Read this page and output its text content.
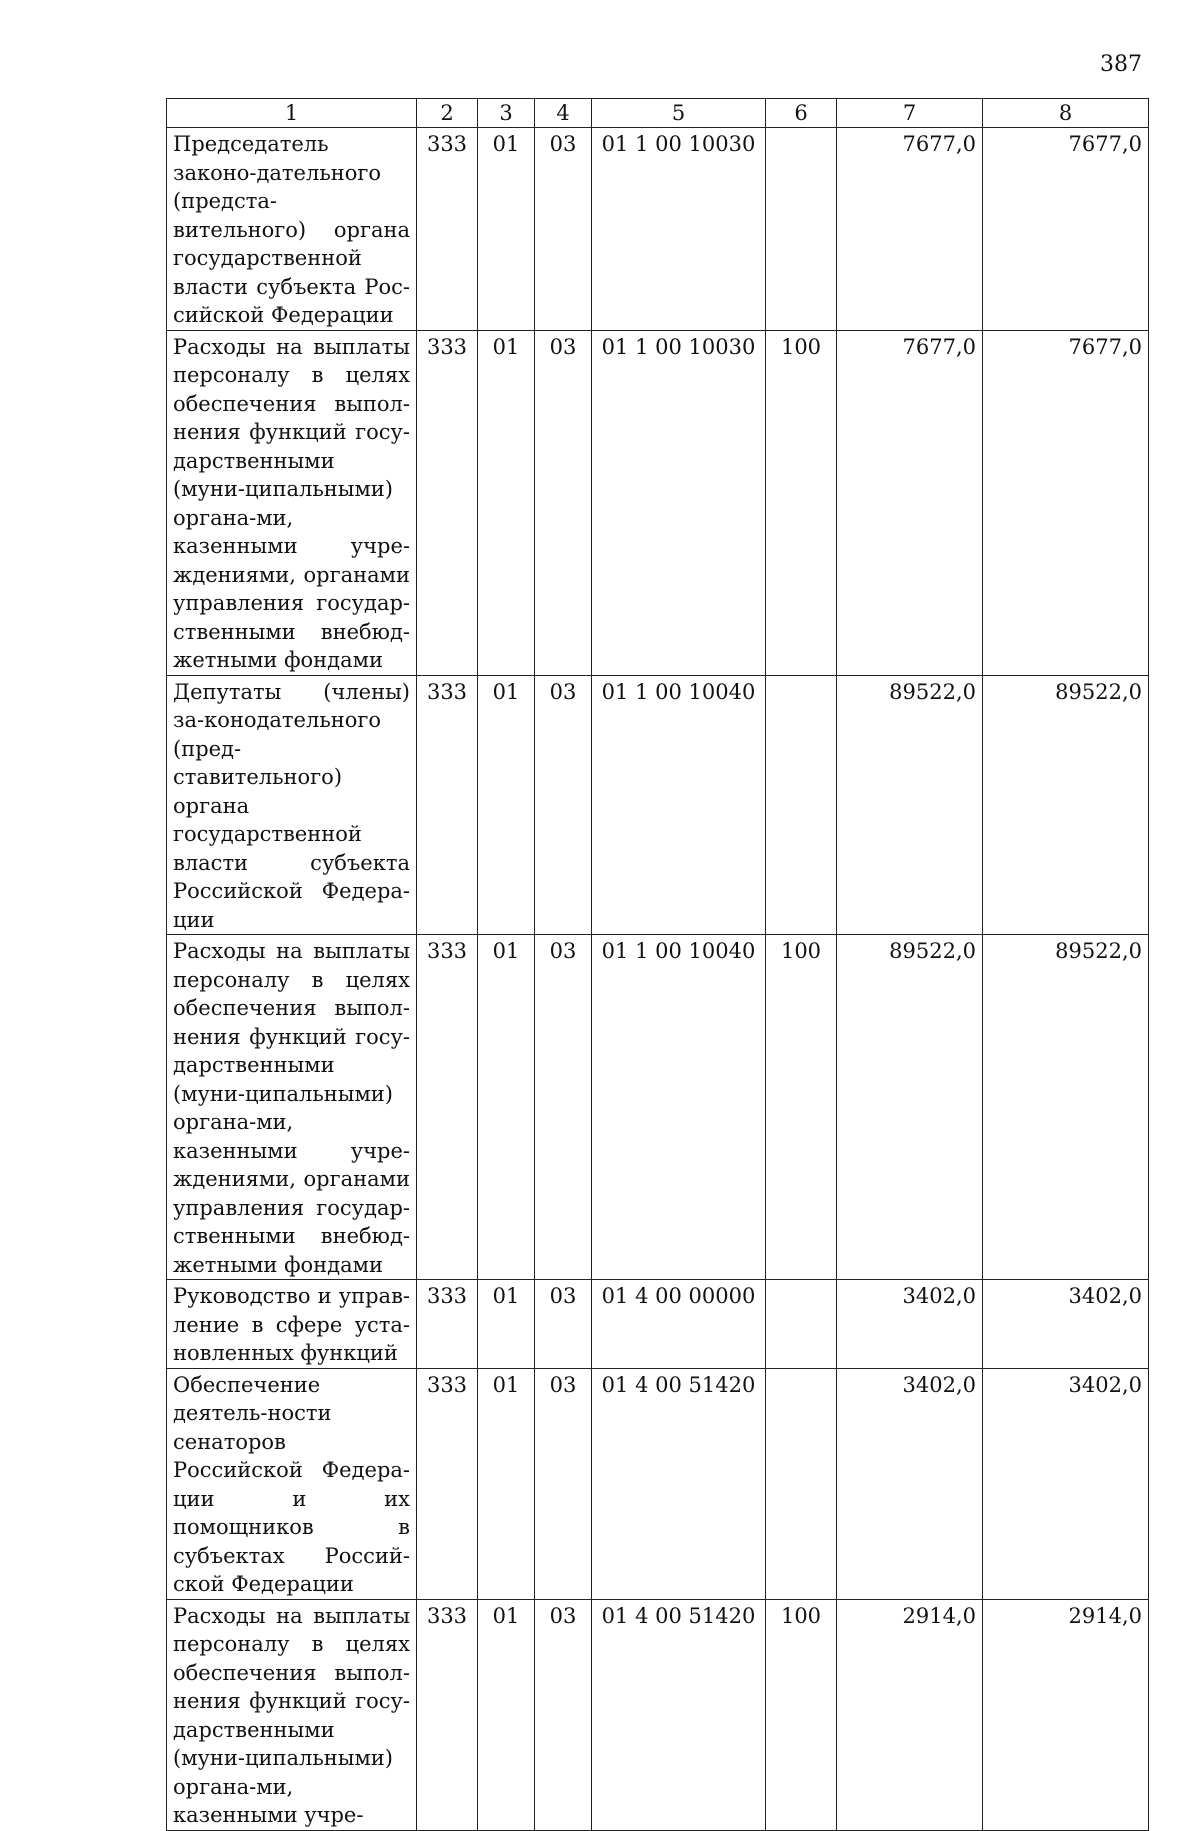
387
1	2	3	4	5	6	7	8
Председатель законо-дательного (предста-вительного) органа государственной власти субъекта Рос-сийской Федерации	333	01	03	01 1 00 10030		7677,0	7677,0
Расходы на выплаты персоналу в целях обеспечения выпол-нения функций госу-дарственными (муни-ципальными) органа-ми, казенными учре-ждениями, органами управления государ-ственными внебюд-жетными фондами	333	01	03	01 1 00 10030	100	7677,0	7677,0
Депутаты (члены) за-конодательного (пред-ставительного) органа государственной власти субъекта Российской Федера-ции	333	01	03	01 1 00 10040		89522,0	89522,0
Расходы на выплаты персоналу в целях обеспечения выпол-нения функций госу-дарственными (муни-ципальными) органа-ми, казенными учре-ждениями, органами управления государ-ственными внебюд-жетными фондами	333	01	03	01 1 00 10040	100	89522,0	89522,0
Руководство и управ-ление в сфере уста-новленных функций	333	01	03	01 4 00 00000		3402,0	3402,0
Обеспечение деятель-ности сенаторов Российской Федера-ции и их помощников в субъектах Россий-ской Федерации	333	01	03	01 4 00 51420		3402,0	3402,0
Расходы на выплаты персоналу в целях обеспечения выпол-нения функций госу-дарственными (муни-ципальными) органа-ми, казенными учре-	333	01	03	01 4 00 51420	100	2914,0	2914,0
